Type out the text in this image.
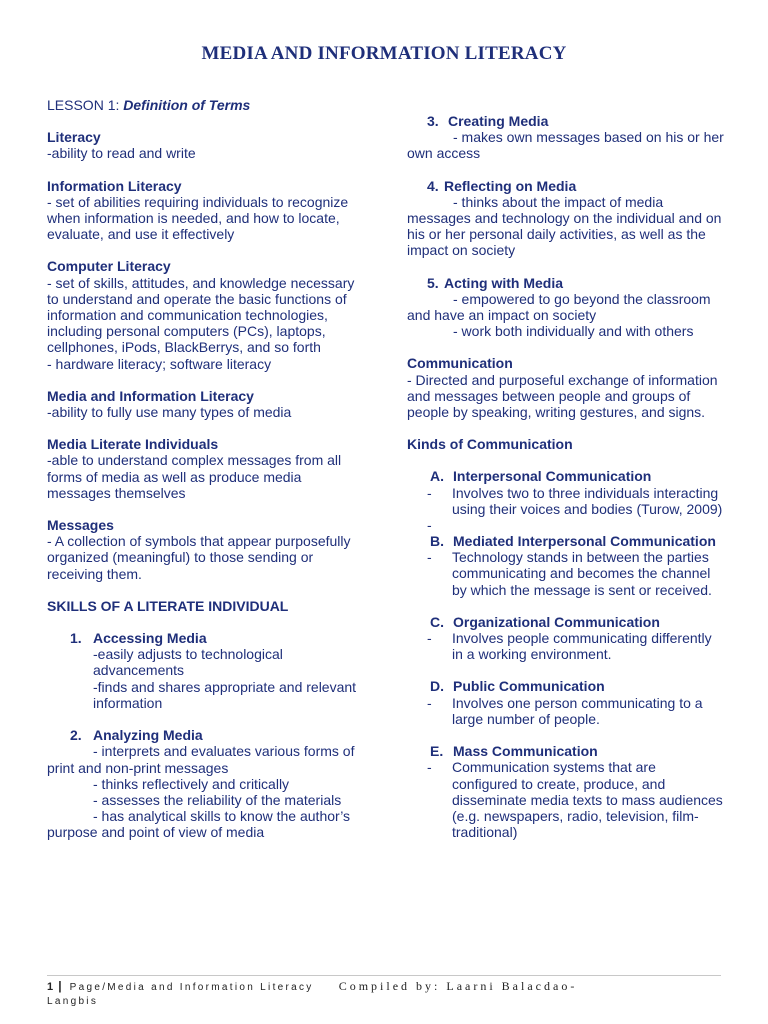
MEDIA AND INFORMATION LITERACY
LESSON 1: Definition of Terms
Literacy
-ability to read and write
Information Literacy
- set of abilities requiring individuals to recognize when information is needed, and how to locate, evaluate, and use it effectively
Computer Literacy
- set of skills, attitudes, and knowledge necessary to understand and operate the basic functions of information and communication technologies, including personal computers (PCs), laptops, cellphones, iPods, BlackBerrys, and so forth
- hardware literacy; software literacy
Media and Information Literacy
-ability to fully use many types of media
Media Literate Individuals
-able to understand complex messages from all forms of media as well as produce media messages themselves
Messages
- A collection of symbols that appear purposefully organized (meaningful) to those sending or receiving them.
SKILLS OF A LITERATE INDIVIDUAL
1. Accessing Media
-easily adjusts to technological advancements
-finds and shares appropriate and relevant information
2. Analyzing Media
- interprets and evaluates various forms of print and non-print messages
- thinks reflectively and critically
- assesses the reliability of the materials
- has analytical skills to know the author’s purpose and point of view of media
3. Creating Media
- makes own messages based on his or her own access
4. Reflecting on Media
- thinks about the impact of media messages and technology on the individual and on his or her personal daily activities, as well as the impact on society
5. Acting with Media
- empowered to go beyond the classroom and have an impact on society
- work both individually and with others
Communication
- Directed and purposeful exchange of information and messages between people and groups of people by speaking, writing gestures, and signs.
Kinds of Communication
A. Interpersonal Communication
- Involves two to three individuals interacting using their voices and bodies (Turow, 2009)
-
B. Mediated Interpersonal Communication
- Technology stands in between the parties communicating and becomes the channel by which the message is sent or received.
C. Organizational Communication
- Involves people communicating differently in a working environment.
D. Public Communication
- Involves one person communicating to a large number of people.
E. Mass Communication
- Communication systems that are configured to create, produce, and disseminate media texts to mass audiences (e.g. newspapers, radio, television, film- traditional)
1 | Page/Media and Information Literacy Compiled by: Laarni Balacdao-
Langbis
